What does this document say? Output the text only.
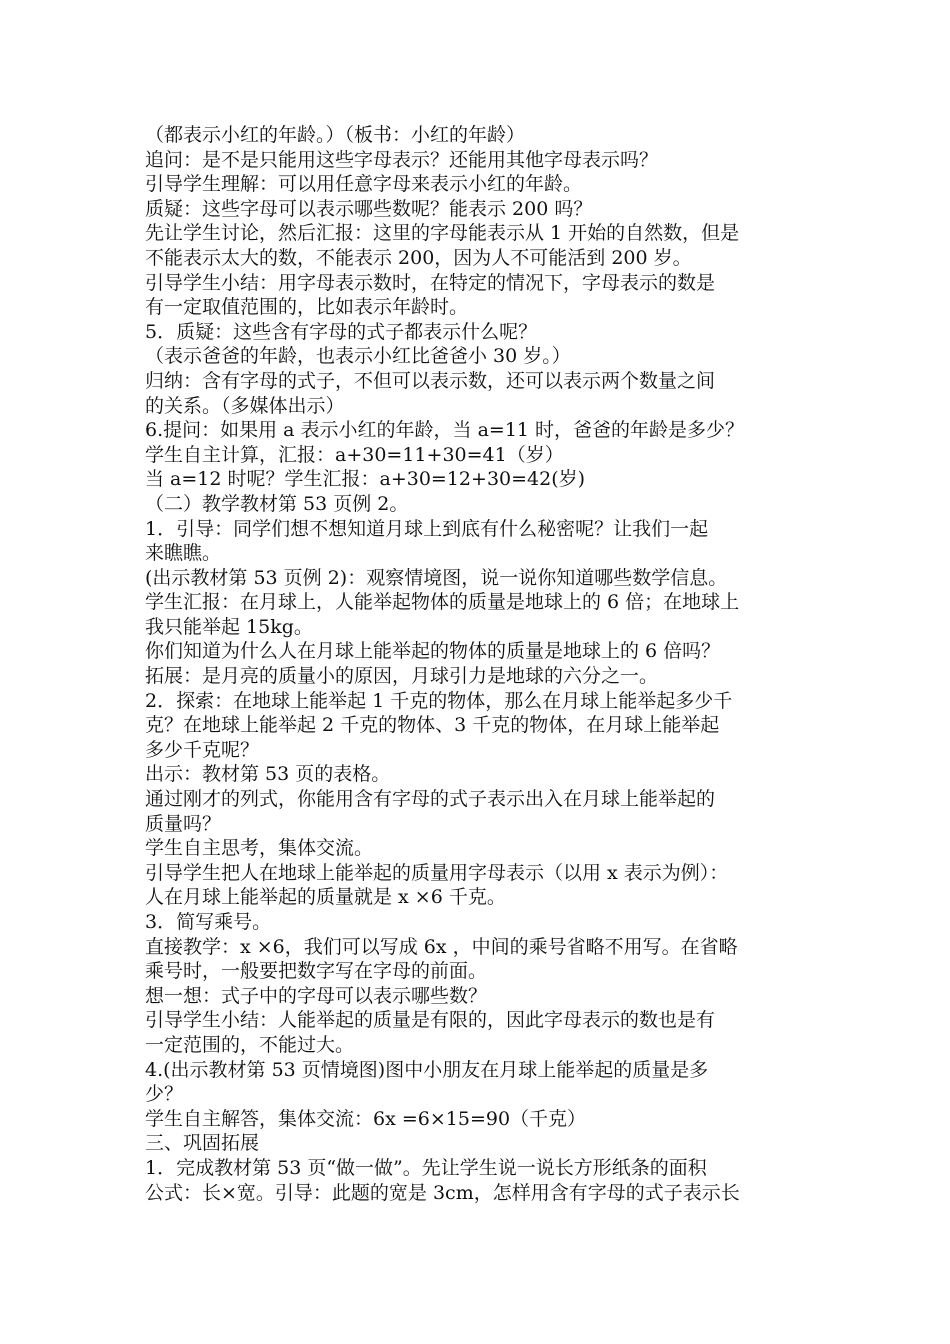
（都表示小红的年龄。）（板书：小红的年龄）
追问：是不是只能用这些字母表示？还能用其他字母表示吗？
引导学生理解：可以用任意字母来表示小红的年龄。
质疑：这些字母可以表示哪些数呢？能表示 200 吗？
先让学生讨论，然后汇报：这里的字母能表示从 1 开始的自然数，但是
不能表示太大的数，不能表示 200，因为人不可能活到 200 岁。
引导学生小结：用字母表示数时，在特定的情况下，字母表示的数是
有一定取值范围的，比如表示年龄时。
5．质疑：这些含有字母的式子都表示什么呢？
（表示爸爸的年龄，也表示小红比爸爸小 30 岁。）
归纳：含有字母的式子，不但可以表示数，还可以表示两个数量之间
的关系。（多媒体出示）
6.提问：如果用 a 表示小红的年龄，当 a=11 时，爸爸的年龄是多少？
学生自主计算，汇报：a+30=11+30=41（岁）
当 a=12 时呢？学生汇报：a+30=12+30=42(岁)
（二）教学教材第 53 页例 2。
1．引导：同学们想不想知道月球上到底有什么秘密呢？让我们一起
来瞧瞧。
(出示教材第 53 页例 2)：观察情境图，说一说你知道哪些数学信息。
学生汇报：在月球上，人能举起物体的质量是地球上的 6 倍；在地球上
我只能举起 15kg。
你们知道为什么人在月球上能举起的物体的质量是地球上的 6 倍吗？
拓展：是月亮的质量小的原因，月球引力是地球的六分之一。
2．探索：在地球上能举起 1 千克的物体，那么在月球上能举起多少千
克？在地球上能举起 2 千克的物体、3 千克的物体，在月球上能举起
多少千克呢？
出示：教材第 53 页的表格。
通过刚才的列式，你能用含有字母的式子表示出入在月球上能举起的
质量吗？
学生自主思考，集体交流。
引导学生把人在地球上能举起的质量用字母表示（以用 x 表示为例）：
人在月球上能举起的质量就是 x ×6 千克。
3．简写乘号。
直接教学：x ×6，我们可以写成 6x ，中间的乘号省略不用写。在省略
乘号时，一般要把数字写在字母的前面。
想一想：式子中的字母可以表示哪些数？
引导学生小结：人能举起的质量是有限的，因此字母表示的数也是有
一定范围的，不能过大。
4.(出示教材第 53 页情境图)图中小朋友在月球上能举起的质量是多
少？
学生自主解答，集体交流：6x =6×15=90（千克）
三、巩固拓展
1．完成教材第 53 页“做一做”。先让学生说一说长方形纸条的面积
公式：长×宽。引导：此题的宽是 3cm，怎样用含有字母的式子表示长
